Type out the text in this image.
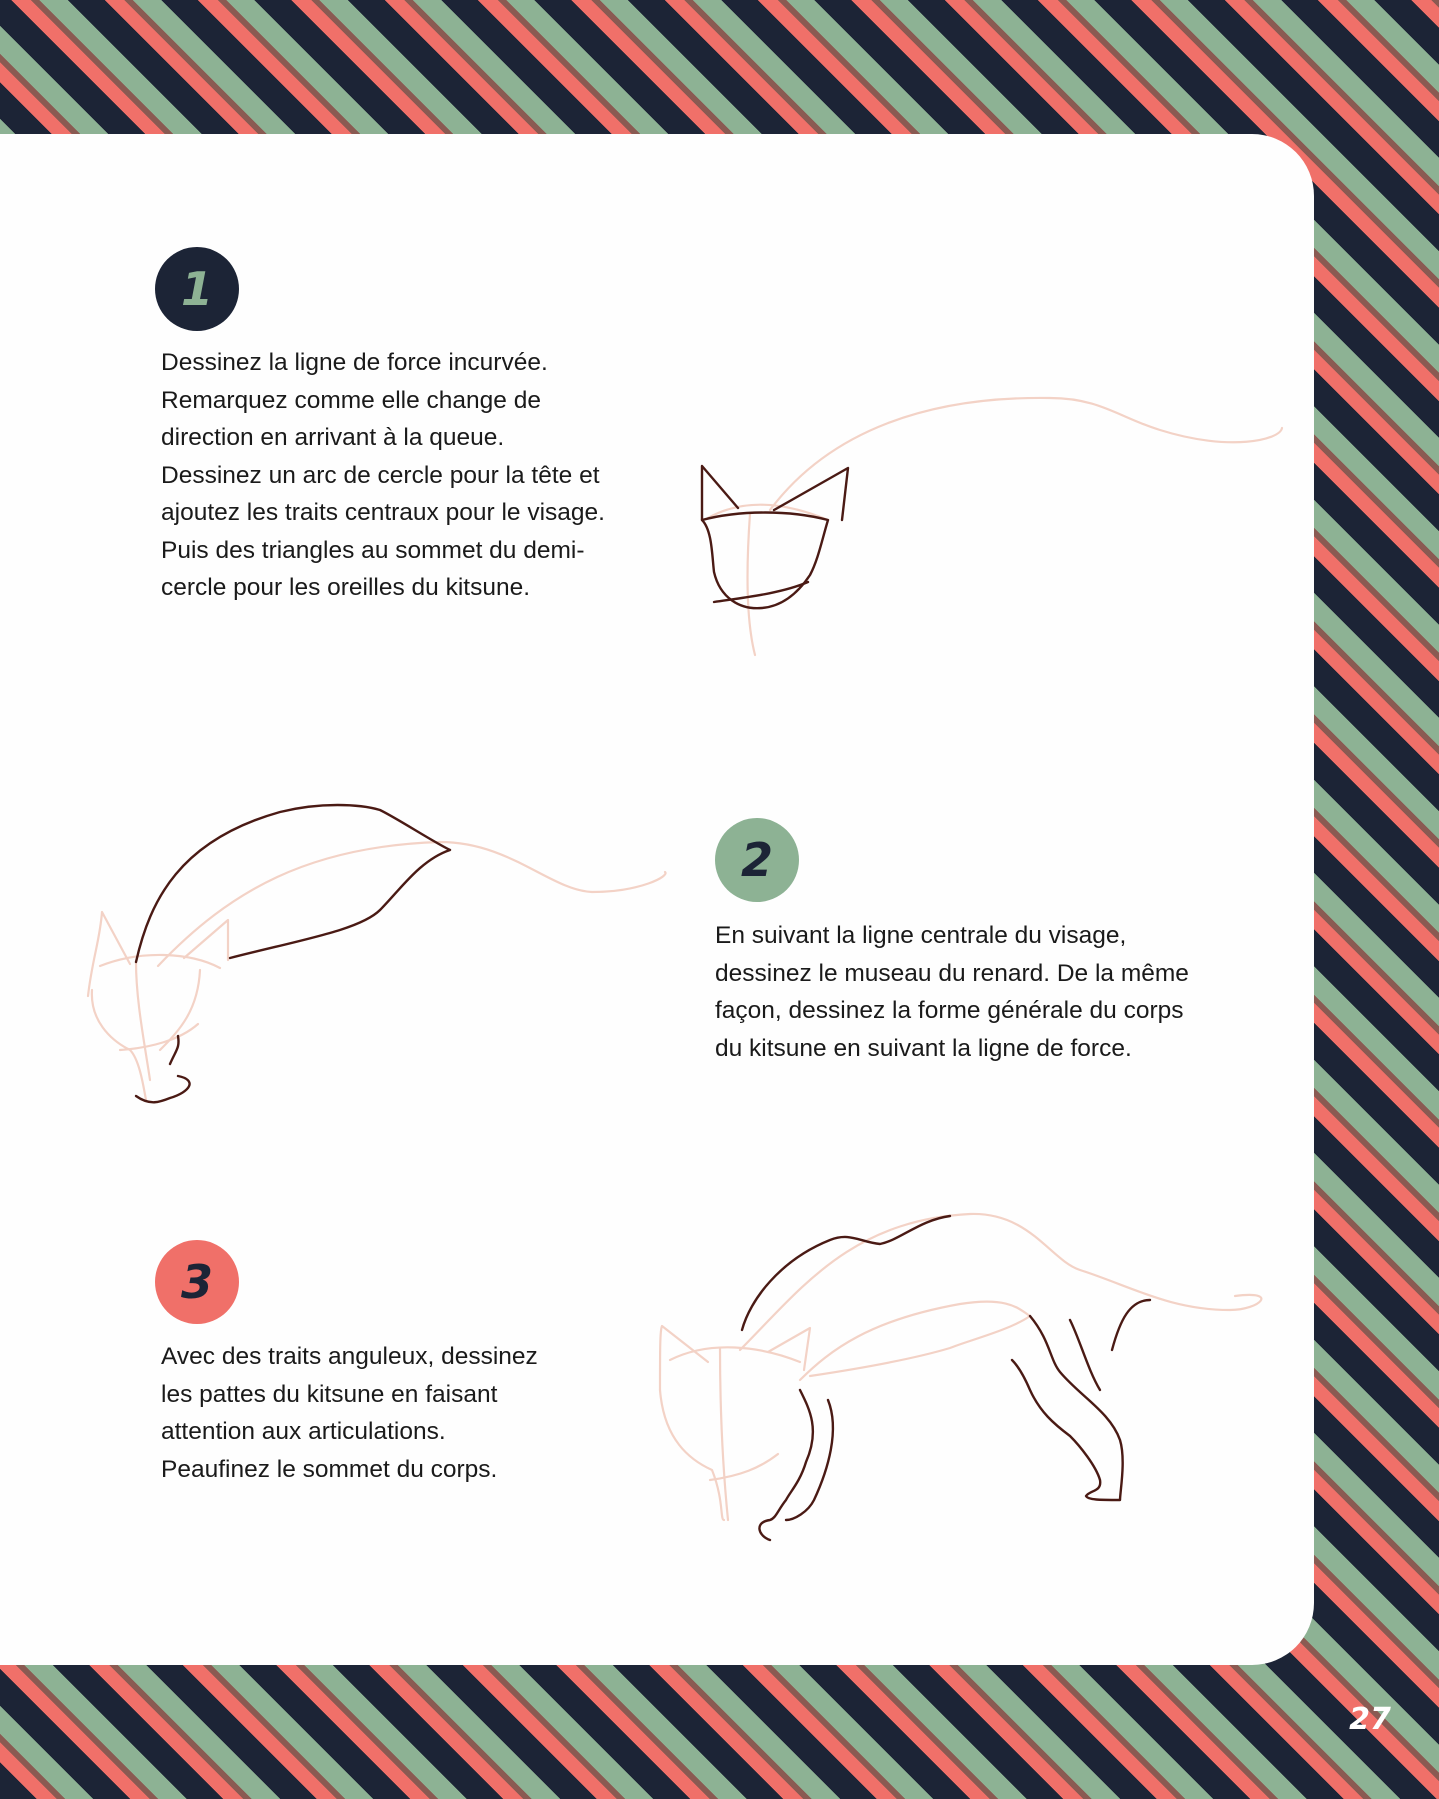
1

Dessinez la ligne de force incurvée.
Remarquez comme elle change de
direction en arrivant à la queue.
Dessinez un arc de cercle pour la tête et
ajoutez les traits centraux pour le visage.
Puis des triangles au sommet du demi-
cercle pour les oreilles du kitsune.

2

En suivant la ligne centrale du visage,
dessinez le museau du renard. De la même
façon, dessinez la forme générale du corps
du kitsune en suivant la ligne de force.

3

Avec des traits anguleux, dessinez
les pattes du kitsune en faisant
attention aux articulations.
Peaufinez le sommet du corps.

27
